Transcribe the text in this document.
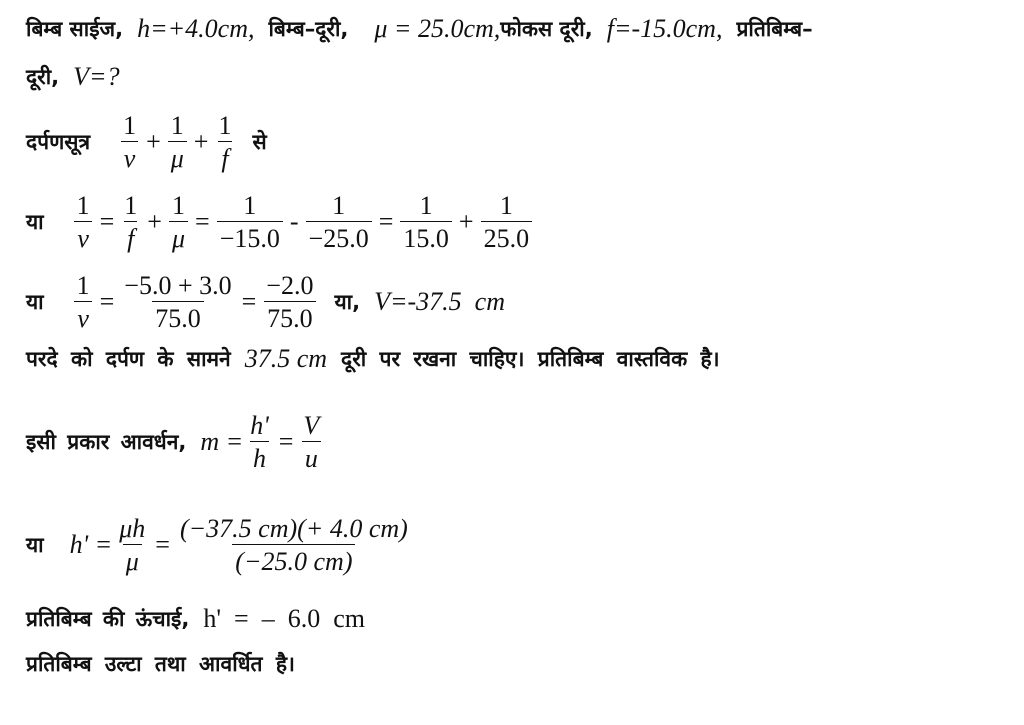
बिम्ब साईज, h=+4.0cm, बिम्ब–दूरी, μ = 25.0cm, फोकस दूरी, f=-15.0cm, प्रतिबिम्ब–
दूरी, V=?
दर्पणसूत्र $\frac{1}{v} + \frac{1}{\mu} + \frac{1}{f}$ से
या $\frac{1}{v} = \frac{1}{f} + \frac{1}{\mu} = \frac{1}{-15.0} - \frac{1}{-25.0} = \frac{1}{15.0} + \frac{1}{25.0}$
या $\frac{1}{v} = \frac{-5.0 + 3.0}{75.0} = \frac{-2.0}{75.0}$ या, V=-37.5  cm
परदे को दर्पण के सामने 37.5 cm दूरी पर रखना चाहिए। प्रतिबिम्ब वास्तविक है।
इसी प्रकार आवर्धन, $m = \frac{h'}{h} = \frac{V}{u}$
या $h' = \frac{\mu h}{\mu} = \frac{(-37.5 cm)(+ 4.0 cm)}{(-25.0 cm)}$
प्रतिबिम्ब की ऊंचाई, h'  =  –  6.0  cm
प्रतिबिम्ब उल्टा तथा आवर्धित है।
